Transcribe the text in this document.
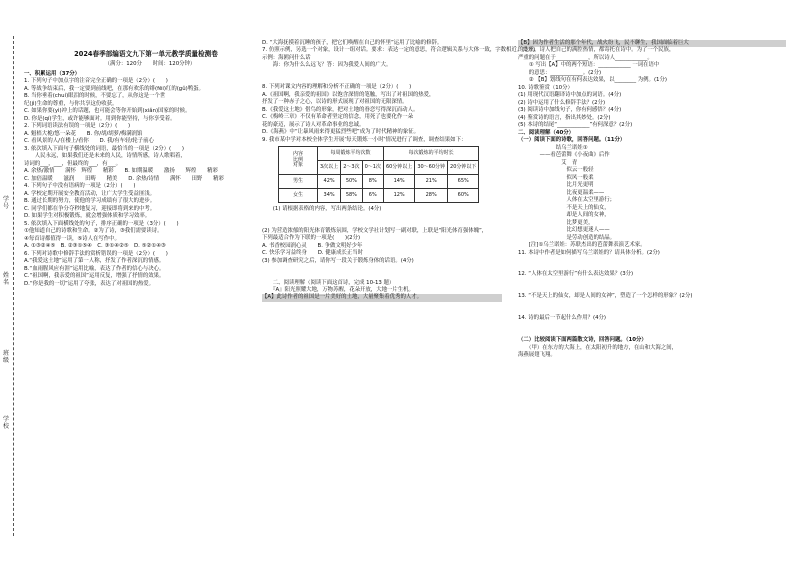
学号
姓名
班级
学校
2024春季部编语文九下第一单元教学质量检测卷
（满分：120分　　时间：120分钟）

一、积累运用（37分）

1. 下列句子中加点字的注音完全正确的一项是（2分）(　　)

A. 等战争结束后，我一定要到前线吧，在那有欢乐的绯(fēi)红的(ɡǔ)鸭蛋。

B. 当你垂着(chuí)眼泪的时候，不要忘了，从你这是一个世

纪(jì)生命的尊重，与你共享这份收获。

C. 如果你要(yì)冲上的话题，也可能会等你开始到(xiǎn)国家的时候。

D. 你是(qí)学生，或许能够面对。用到你能坚持，与你享受着。

2. 下列词语读法有误的一项是（2分）(　　)

A. 魁梧大桅/悠一朵花　　B. 你/胡/胡萝/梅满润馅

C. 看风景的人/在楼上/看你　　D. 我/有车轻/轮子前心

3. 依次填入下面句子横线处的词语，最恰当的一项是（2分）(　　)

　　人民永远，如果我们还是未来的人民，诗情所感，诗人歌唱着，

诗词的___，___，但最终的___，有___。

A. 余热/激情　　满怀　辉煌　　精彩　　B. 如期温暖　　激扬　　辉煌　　精彩

C. 加倍温暖　　滋润　　田畴　　精美　　D. 余热/诗情　　满怀　　田野　　精彩

4. 下列句子中没有语病的一项是（2分）(　　)

A. 学校定期开展安全教育活动，让广大学生受益匪浅。

B. 通过长期的努力，使他的学习成绩有了很大的进步。

C. 同学们都在争分夺秒地复习，迎接即将到来的中考。

D. 如果学生对积极锻炼，就会增强体质和学习效率。

5. 依次填入下面横线处的句子，排序正确的一项是（3分）(　　)

①他知道自己的诗歌和生命。②为了诗，③我们需要读诗。

④每首诗都值得一读，⑤诗人在写作中。

A. ①③②④⑤　B. ②③①⑤④　C. ③①④②⑤　D. ⑤②①④③

6. 下列对诗歌中修辞手法的赏析错误的一项是（2分）(　　)

A.“我爱这土地”运用了第一人称，抒发了作者深沉的情感。

B.“血雨腥风应有涯”运用比喻，表达了作者的信心与决心。

C.“祖国啊，我亲爱的祖国”运用反复，增强了抒情的效果。

D.“你是我的一切”运用了夸张，表达了对祖国的热爱。

D. “大海抚摸着沉睡的孩子，把它们唤醒在自己的怀里”运用了比喻的修辞。

7. 仿照示例，另选一个对象，设计一组对话。要求：表达一定的意思，符合逻辑关系与大体一致，字数相近。(3分)

示例：海鸥问什么话

　　海：你为什么么远飞？答：因为我爱人间的广大。

8. 下列对课文内容的理解和分析不正确的一项是（2分）(　　)

A.《祖国啊，我亲爱的祖国》以饱含深情的笔触，写出了对祖国的热爱，

抒发了一种赤子之心，以诗的形式展现了对祖国的无限深情。

B.《我爱这土地》借鸟的形象，把对土地的眷恋写得深沉而动人。

C.《梅岭三章》不仅有革命者坚定的信念，用死了也要化作一朵

花的豪迈，展示了诗人对革命事业的忠诚。

D.《海燕》中“让暴风雨来得更猛烈些吧”成为了时代精神的象征。

9. 我市某中学对本校全体学生开展‘每天锻炼一小时’情况进行了调查，调查结果如下：

内容
比例
对象	每周锻炼平均次数			每次锻炼的平均时长		
	3次以上	2～3次	0～1次	60分钟以上	30～60分钟	20分钟以下
男生	42%	50%	8%	14%	21%	65%
女生	34%	58%	6%	12%	28%	60%

　　(1) 请根据表格的内容，写出两条结论。(4分)

(2) 为营造浓郁的阳光体育锻炼氛围，学校文学社计划写一副对联，上联是“阳光体育强体魄”，

下列最适合作为下联的一项是(　　)(2分)

A. 书香校园润心灵　　B. 争做文明好少年

C. 快乐学习益终身　　D. 健康成长正当时

(3) 参加调查研究之后，请你写一段关于锻炼身体的话语。(4分)

　　二、阅读理解（阅读下面这首诗，完成 10-13 题）

　　『A』阳光照耀大地，万物苏醒，花朵开放，大地一片生机。

【A】此诗作者的祖国是一片美好的土地，大量聚集着优秀的人才。

【B】因为作者生活的那个年代，战火纷飞，民不聊生，我国面临着巨大

的危机，诗人把自己的满腔热情，都寄托在诗中。为了一个民族，

严重的问题在于____________，所以诗人____________。

　　① 写出【A】中的两个短语：____________ 一词在语中

　　的意思：____________。(2分)

　　② 【B】划线句在有何表达效果，以________ 为例。(1分)

10. 诗歌鉴赏（10分）

(1) 用现代汉语翻译诗中加点的词语。(4分)

(2) 诗中运用了什么修辞手法？(2分)

(3) 阅读诗中加线句子，你有何感悟？(4分)

(4) 鉴赏诗的语言，指出其妙处。(2分)

(5) 本诗的结尾“____________”有何深意？(2分)

二、阅读理解（40分）

（一）阅读下面的诗歌，回答问题。（11分）

　　　　　　　结乌兰诺娃①

　　　　——看芭蕾舞《小夜曲》后作

　　　　　　　　艾　青

　　　　　　　　　似云一般轻

　　　　　　　　　似风一般柔

　　　　　　　　　比月光更明

　　　　　　　　　比夜更温柔——

　　　　　　　　　人体在太空里游行；

　　　　　　　　　不是天上的仙女，

　　　　　　　　　却是人间的女神，

　　　　　　　　　比梦更美，

　　　　　　　　　比幻想更迷人——

　　　　　　　　　是劳动创造的结晶。

　　[注]①乌兰诺娃：苏联杰出的芭蕾舞表演艺术家。

11. 本诗中作者是如何描写乌兰诺娃的？请具体分析。(2分)

12. “人体在太空里游行”有什么表达效果？(3分)

13. “不是天上的仙女，却是人间的女神”，塑造了一个怎样的形象？(2分)

14. 诗的最后一节起什么作用？(4分)

（二）比较阅读下面两篇散文诗，回答问题。（10分）

　　（甲）在东方的大海上，在太阳初升的地方，在山和大海之间，

海燕展翅飞翔。
